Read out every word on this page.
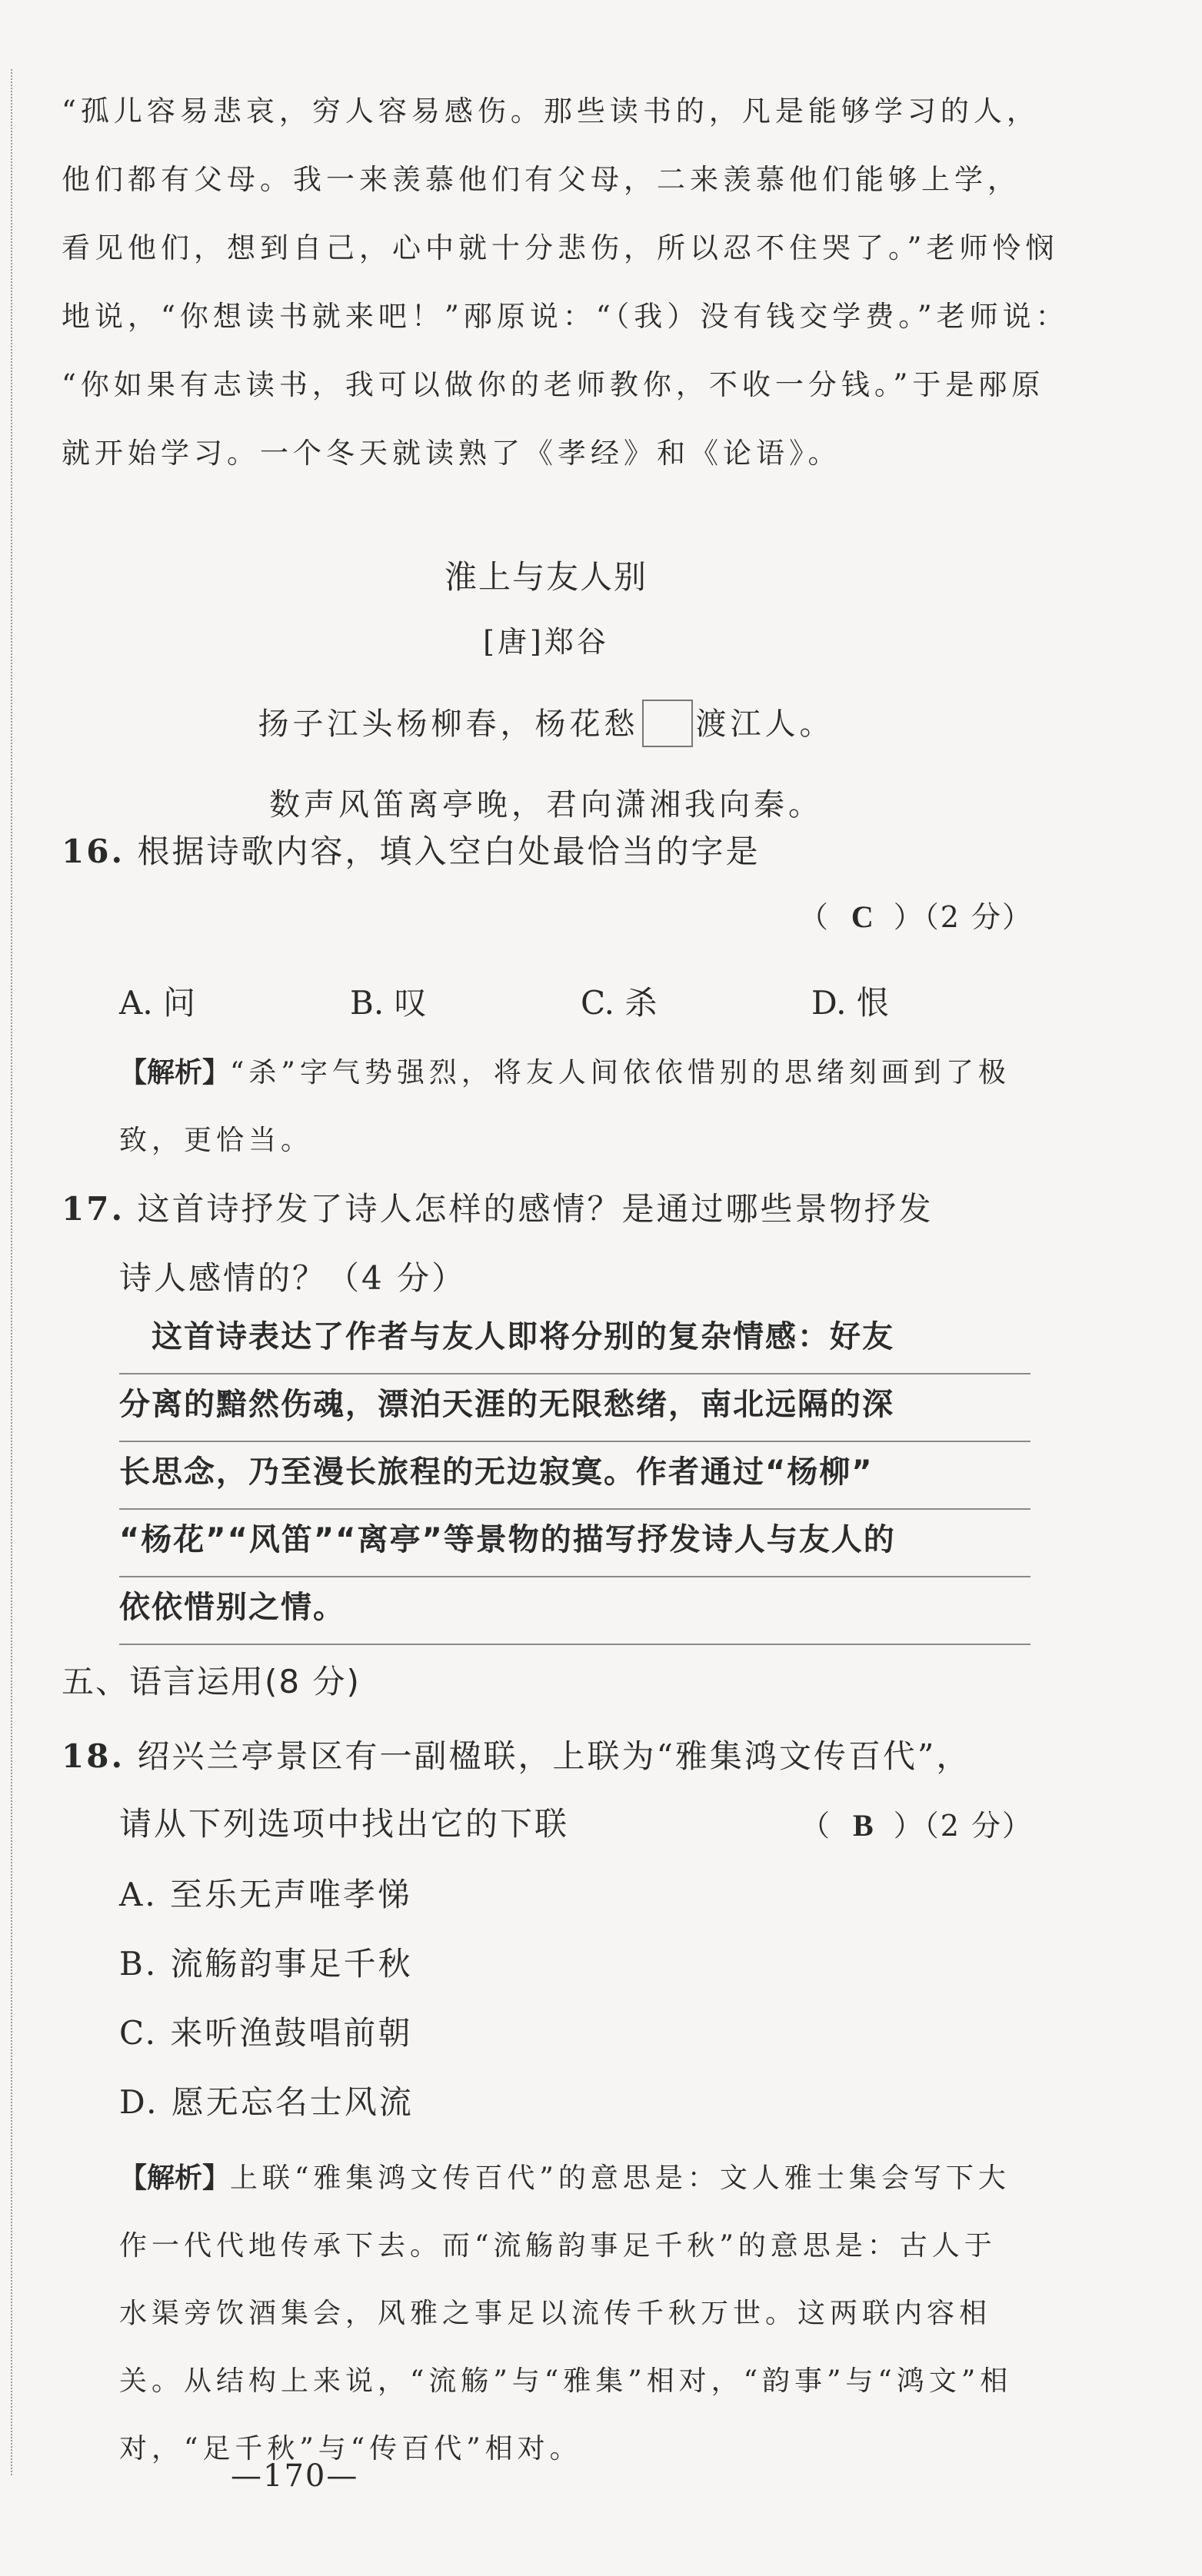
“孤儿容易悲哀，穷人容易感伤。那些读书的，凡是能够学习的人，

他们都有父母。我一来羡慕他们有父母，二来羡慕他们能够上学，

看见他们，想到自己，心中就十分悲伤，所以忍不住哭了。”老师怜悯

地说，“你想读书就来吧！”邴原说：“（我）没有钱交学费。”老师说：

“你如果有志读书，我可以做你的老师教你，不收一分钱。”于是邴原

就开始学习。一个冬天就读熟了《孝经》和《论语》。

淮上与友人别
[唐]郑谷
扬子江头杨柳春，杨花愁 渡江人。
数声风笛离亭晚，君向潇湘我向秦。
16. 根据诗歌内容，填入空白处最恰当的字是
（ C ）（2 分）
A. 问	B. 叹	C. 杀	D. 恨
【解析】“杀”字气势强烈，将友人间依依惜别的思绪刻画到了极
致，更恰当。
17. 这首诗抒发了诗人怎样的感情？是通过哪些景物抒发
诗人感情的？（4 分）
　这首诗表达了作者与友人即将分别的复杂情感：好友
分离的黯然伤魂，漂泊天涯的无限愁绪，南北远隔的深
长思念，乃至漫长旅程的无边寂寞。作者通过“杨柳”
“杨花”“风笛”“离亭”等景物的描写抒发诗人与友人的
依依惜别之情。
五、语言运用(8 分)
18. 绍兴兰亭景区有一副楹联，上联为“雅集鸿文传百代”，
请从下列选项中找出它的下联	（ B ）（2 分）
A. 至乐无声唯孝悌
B. 流觞韵事足千秋
C. 来听渔鼓唱前朝
D. 愿无忘名士风流
【解析】上联“雅集鸿文传百代”的意思是：文人雅士集会写下大
作一代代地传承下去。而“流觞韵事足千秋”的意思是：古人于
水渠旁饮酒集会，风雅之事足以流传千秋万世。这两联内容相
关。从结构上来说，“流觞”与“雅集”相对，“韵事”与“鸿文”相
对，“足千秋”与“传百代”相对。
—170—
